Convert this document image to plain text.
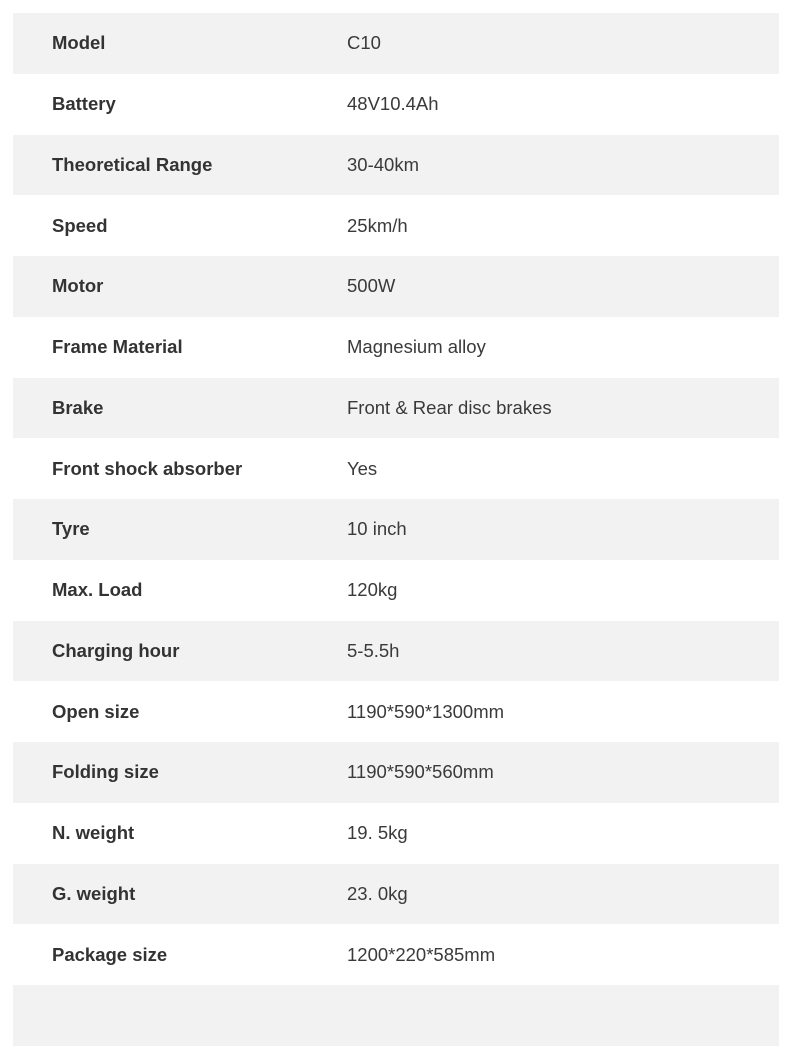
Model	C10
Battery	48V10.4Ah
Theoretical Range	30-40km
Speed	25km/h
Motor	500W
Frame Material	Magnesium alloy
Brake	Front & Rear disc brakes
Front shock absorber	Yes
Tyre	10 inch
Max. Load	120kg
Charging hour	5-5.5h
Open size	1190*590*1300mm
Folding size	1190*590*560mm
N. weight	19. 5kg
G. weight	23. 0kg
Package size	1200*220*585mm
